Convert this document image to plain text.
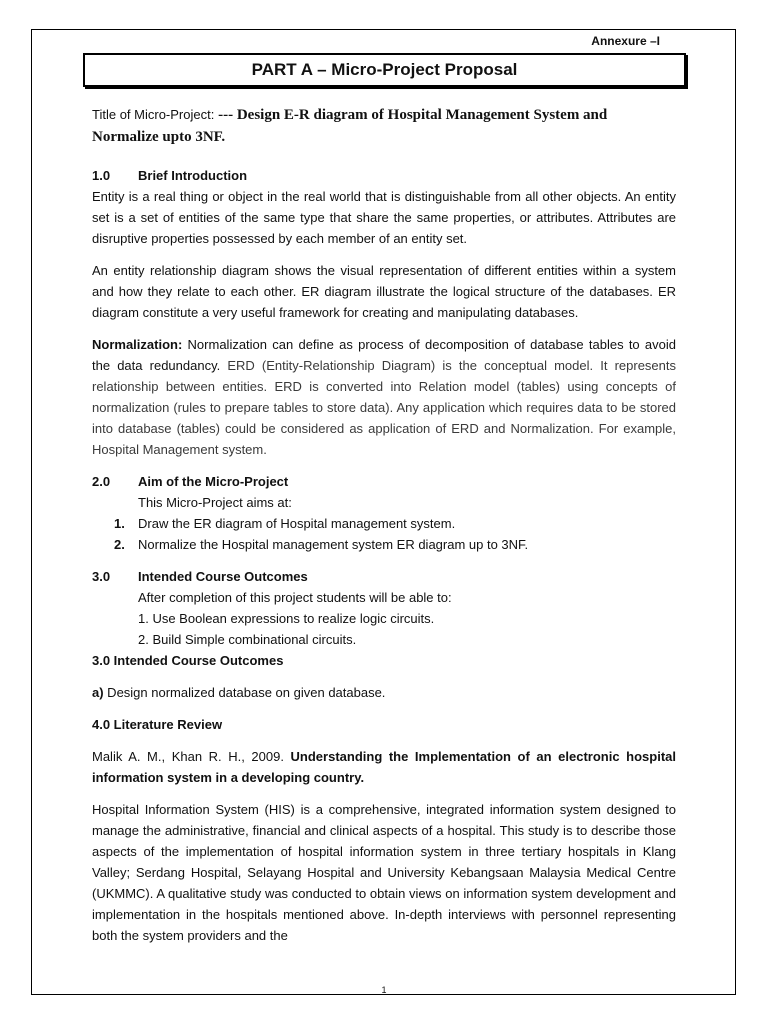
Annexure –I
PART A – Micro-Project Proposal
Title of Micro-Project: --- Design E-R diagram of Hospital Management System and
Normalize upto 3NF.
1.0	Brief Introduction

Entity is a real thing or object in the real world that is distinguishable from all other objects. An entity set is a set of entities of the same type that share the same properties, or attributes. Attributes are disruptive properties possessed by each member of an entity set.

An entity relationship diagram shows the visual representation of different entities within a system and how they relate to each other. ER diagram illustrate the logical structure of the databases. ER diagram constitute a very useful framework for creating and manipulating databases.

Normalization: Normalization can define as process of decomposition of database tables to avoid the data redundancy. ERD (Entity-Relationship Diagram) is the conceptual model. It represents relationship between entities. ERD is converted into Relation model (tables) using concepts of normalization (rules to prepare tables to store data). Any application which requires data to be stored into database (tables) could be considered as application of ERD and Normalization. For example, Hospital Management system.

2.0	Aim of the Micro-Project
This Micro-Project aims at:
1.	Draw the ER diagram of Hospital management system.
2.	Normalize the Hospital management system ER diagram up to 3NF.
3.0	Intended Course Outcomes
After completion of this project students will be able to:
1. Use Boolean expressions to realize logic circuits.
2. Build Simple combinational circuits.
3.0 Intended Course Outcomes
a) Design normalized database on given database.
4.0 Literature Review

Malik A. M., Khan R. H., 2009. Understanding the Implementation of an electronic hospital information system in a developing country.

Hospital Information System (HIS) is a comprehensive, integrated information system designed to manage the administrative, financial and clinical aspects of a hospital. This study is to describe those aspects of the implementation of hospital information system in three tertiary hospitals in Klang Valley; Serdang Hospital, Selayang Hospital and University Kebangsaan Malaysia Medical Centre (UKMMC). A qualitative study was conducted to obtain views on information system development and implementation in the hospitals mentioned above. In-depth interviews with personnel representing both the system providers and the

1
